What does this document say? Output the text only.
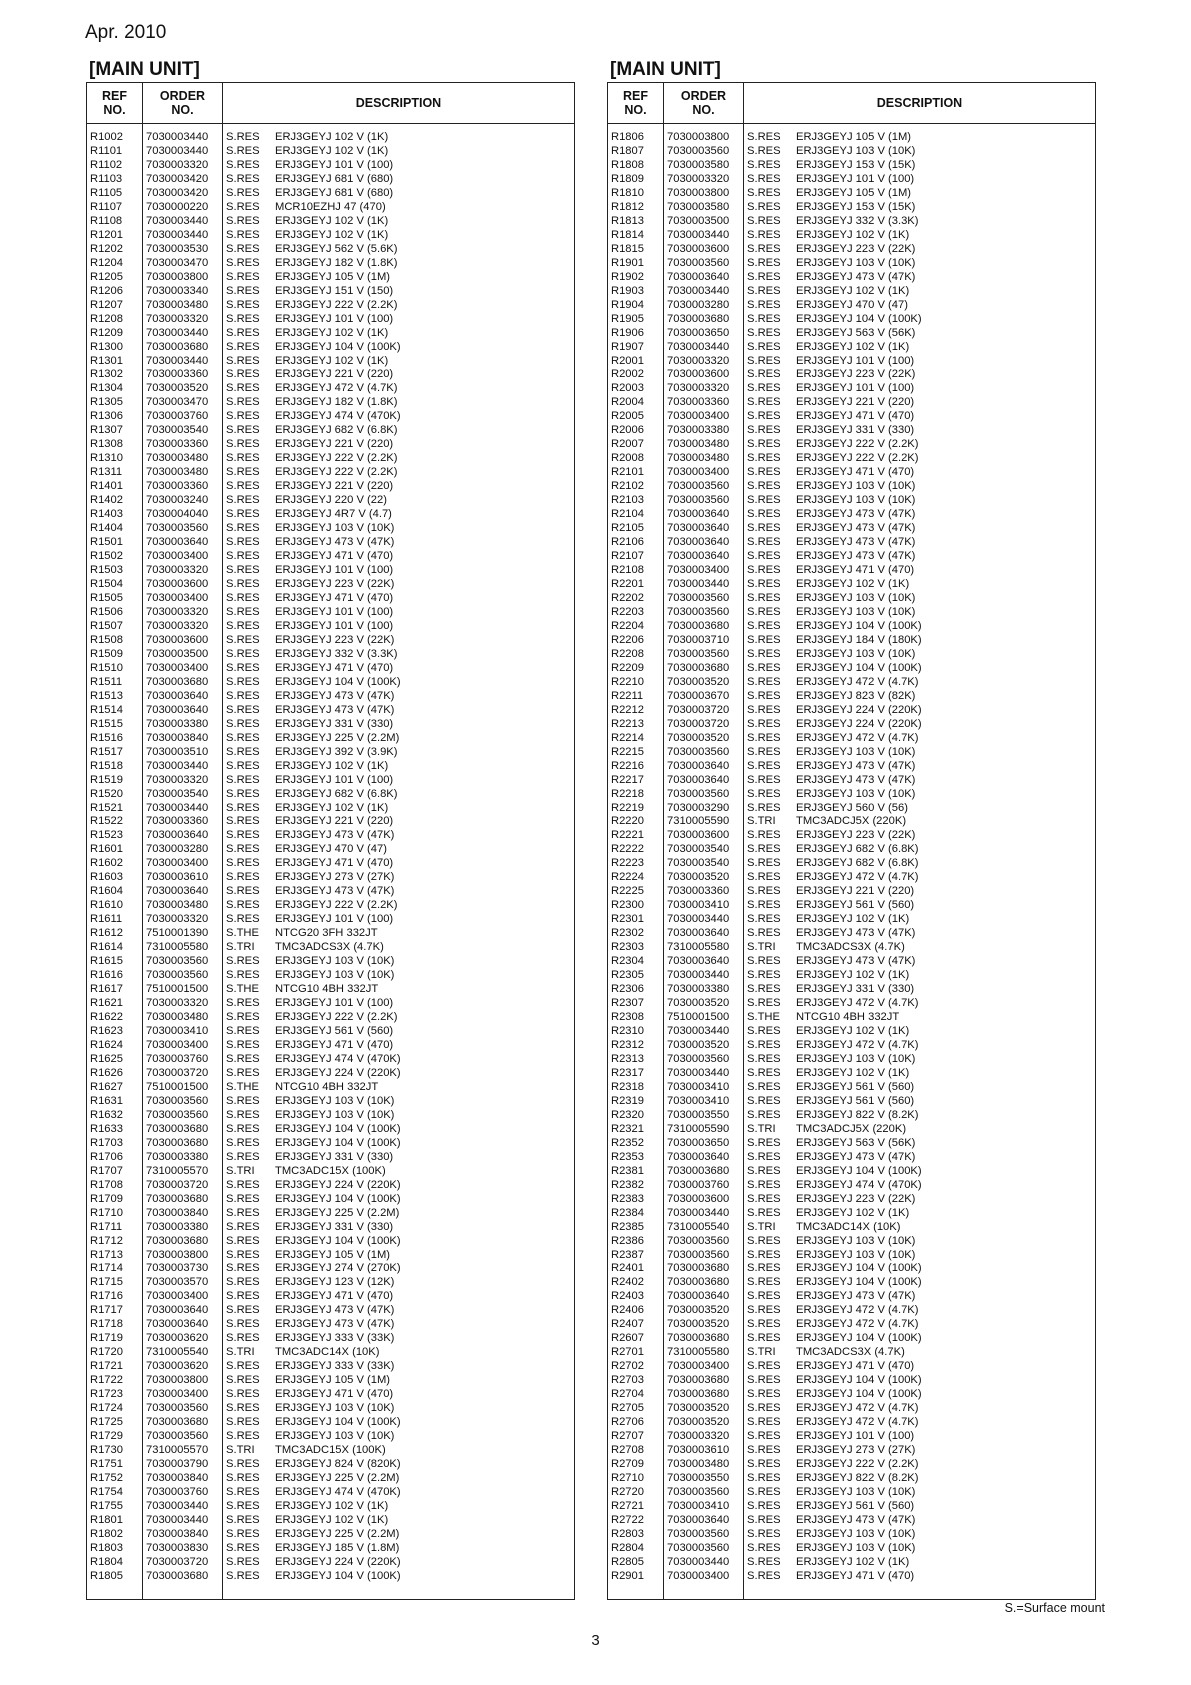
Apr. 2010
[MAIN UNIT]
REF
NO.
ORDER
NO.	DESCRIPTION
R1002
R1101
R1102
R1103
R1105
R1107
R1108
R1201
R1202
R1204
R1205
R1206
R1207
R1208
R1209
R1300
R1301
R1302
R1304
R1305
R1306
R1307
R1308
R1310
R1311
R1401
R1402
R1403
R1404
R1501
R1502
R1503
R1504
R1505
R1506
R1507
R1508
R1509
R1510
R1511
R1513
R1514
R1515
R1516
R1517
R1518
R1519
R1520
R1521
R1522
R1523
R1601
R1602
R1603
R1604
R1610
R1611
R1612
R1614
R1615
R1616
R1617
R1621
R1622
R1623
R1624
R1625
R1626
R1627
R1631
R1632
R1633
R1703
R1706
R1707
R1708
R1709
R1710
R1711
R1712
R1713
R1714
R1715
R1716
R1717
R1718
R1719
R1720
R1721
R1722
R1723
R1724
R1725
R1729
R1730
R1751
R1752
R1754
R1755
R1801
R1802
R1803
R1804
R1805
7030003440
7030003440
7030003320
7030003420
7030003420
7030000220
7030003440
7030003440
7030003530
7030003470
7030003800
7030003340
7030003480
7030003320
7030003440
7030003680
7030003440
7030003360
7030003520
7030003470
7030003760
7030003540
7030003360
7030003480
7030003480
7030003360
7030003240
7030004040
7030003560
7030003640
7030003400
7030003320
7030003600
7030003400
7030003320
7030003320
7030003600
7030003500
7030003400
7030003680
7030003640
7030003640
7030003380
7030003840
7030003510
7030003440
7030003320
7030003540
7030003440
7030003360
7030003640
7030003280
7030003400
7030003610
7030003640
7030003480
7030003320
7510001390
7310005580
7030003560
7030003560
7510001500
7030003320
7030003480
7030003410
7030003400
7030003760
7030003720
7510001500
7030003560
7030003560
7030003680
7030003680
7030003380
7310005570
7030003720
7030003680
7030003840
7030003380
7030003680
7030003800
7030003730
7030003570
7030003400
7030003640
7030003640
7030003620
7310005540
7030003620
7030003800
7030003400
7030003560
7030003680
7030003560
7310005570
7030003790
7030003840
7030003760
7030003440
7030003440
7030003840
7030003830
7030003720
7030003680
S.RES
S.RES
S.RES
S.RES
S.RES
S.RES
S.RES
S.RES
S.RES
S.RES
S.RES
S.RES
S.RES
S.RES
S.RES
S.RES
S.RES
S.RES
S.RES
S.RES
S.RES
S.RES
S.RES
S.RES
S.RES
S.RES
S.RES
S.RES
S.RES
S.RES
S.RES
S.RES
S.RES
S.RES
S.RES
S.RES
S.RES
S.RES
S.RES
S.RES
S.RES
S.RES
S.RES
S.RES
S.RES
S.RES
S.RES
S.RES
S.RES
S.RES
S.RES
S.RES
S.RES
S.RES
S.RES
S.RES
S.RES
S.THE
S.TRI
S.RES
S.RES
S.THE
S.RES
S.RES
S.RES
S.RES
S.RES
S.RES
S.THE
S.RES
S.RES
S.RES
S.RES
S.RES
S.TRI
S.RES
S.RES
S.RES
S.RES
S.RES
S.RES
S.RES
S.RES
S.RES
S.RES
S.RES
S.RES
S.TRI
S.RES
S.RES
S.RES
S.RES
S.RES
S.RES
S.TRI
S.RES
S.RES
S.RES
S.RES
S.RES
S.RES
S.RES
S.RES
S.RES
ERJ3GEYJ 102 V (1K)
ERJ3GEYJ 102 V (1K)
ERJ3GEYJ 101 V (100)
ERJ3GEYJ 681 V (680)
ERJ3GEYJ 681 V (680)
MCR10EZHJ 47 (470)
ERJ3GEYJ 102 V (1K)
ERJ3GEYJ 102 V (1K)
ERJ3GEYJ 562 V (5.6K)
ERJ3GEYJ 182 V (1.8K)
ERJ3GEYJ 105 V (1M)
ERJ3GEYJ 151 V (150)
ERJ3GEYJ 222 V (2.2K)
ERJ3GEYJ 101 V (100)
ERJ3GEYJ 102 V (1K)
ERJ3GEYJ 104 V (100K)
ERJ3GEYJ 102 V (1K)
ERJ3GEYJ 221 V (220)
ERJ3GEYJ 472 V (4.7K)
ERJ3GEYJ 182 V (1.8K)
ERJ3GEYJ 474 V (470K)
ERJ3GEYJ 682 V (6.8K)
ERJ3GEYJ 221 V (220)
ERJ3GEYJ 222 V (2.2K)
ERJ3GEYJ 222 V (2.2K)
ERJ3GEYJ 221 V (220)
ERJ3GEYJ 220 V (22)
ERJ3GEYJ 4R7 V (4.7)
ERJ3GEYJ 103 V (10K)
ERJ3GEYJ 473 V (47K)
ERJ3GEYJ 471 V (470)
ERJ3GEYJ 101 V (100)
ERJ3GEYJ 223 V (22K)
ERJ3GEYJ 471 V (470)
ERJ3GEYJ 101 V (100)
ERJ3GEYJ 101 V (100)
ERJ3GEYJ 223 V (22K)
ERJ3GEYJ 332 V (3.3K)
ERJ3GEYJ 471 V (470)
ERJ3GEYJ 104 V (100K)
ERJ3GEYJ 473 V (47K)
ERJ3GEYJ 473 V (47K)
ERJ3GEYJ 331 V (330)
ERJ3GEYJ 225 V (2.2M)
ERJ3GEYJ 392 V (3.9K)
ERJ3GEYJ 102 V (1K)
ERJ3GEYJ 101 V (100)
ERJ3GEYJ 682 V (6.8K)
ERJ3GEYJ 102 V (1K)
ERJ3GEYJ 221 V (220)
ERJ3GEYJ 473 V (47K)
ERJ3GEYJ 470 V (47)
ERJ3GEYJ 471 V (470)
ERJ3GEYJ 273 V (27K)
ERJ3GEYJ 473 V (47K)
ERJ3GEYJ 222 V (2.2K)
ERJ3GEYJ 101 V (100)
NTCG20 3FH 332JT
TMC3ADCS3X (4.7K)
ERJ3GEYJ 103 V (10K)
ERJ3GEYJ 103 V (10K)
NTCG10 4BH 332JT
ERJ3GEYJ 101 V (100)
ERJ3GEYJ 222 V (2.2K)
ERJ3GEYJ 561 V (560)
ERJ3GEYJ 471 V (470)
ERJ3GEYJ 474 V (470K)
ERJ3GEYJ 224 V (220K)
NTCG10 4BH 332JT
ERJ3GEYJ 103 V (10K)
ERJ3GEYJ 103 V (10K)
ERJ3GEYJ 104 V (100K)
ERJ3GEYJ 104 V (100K)
ERJ3GEYJ 331 V (330)
TMC3ADC15X (100K)
ERJ3GEYJ 224 V (220K)
ERJ3GEYJ 104 V (100K)
ERJ3GEYJ 225 V (2.2M)
ERJ3GEYJ 331 V (330)
ERJ3GEYJ 104 V (100K)
ERJ3GEYJ 105 V (1M)
ERJ3GEYJ 274 V (270K)
ERJ3GEYJ 123 V (12K)
ERJ3GEYJ 471 V (470)
ERJ3GEYJ 473 V (47K)
ERJ3GEYJ 473 V (47K)
ERJ3GEYJ 333 V (33K)
TMC3ADC14X (10K)
ERJ3GEYJ 333 V (33K)
ERJ3GEYJ 105 V (1M)
ERJ3GEYJ 471 V (470)
ERJ3GEYJ 103 V (10K)
ERJ3GEYJ 104 V (100K)
ERJ3GEYJ 103 V (10K)
TMC3ADC15X (100K)
ERJ3GEYJ 824 V (820K)
ERJ3GEYJ 225 V (2.2M)
ERJ3GEYJ 474 V (470K)
ERJ3GEYJ 102 V (1K)
ERJ3GEYJ 102 V (1K)
ERJ3GEYJ 225 V (2.2M)
ERJ3GEYJ 185 V (1.8M)
ERJ3GEYJ 224 V (220K)
ERJ3GEYJ 104 V (100K)
[MAIN UNIT]
REF
NO.
ORDER
NO.	DESCRIPTION
R1806
R1807
R1808
R1809
R1810
R1812
R1813
R1814
R1815
R1901
R1902
R1903
R1904
R1905
R1906
R1907
R2001
R2002
R2003
R2004
R2005
R2006
R2007
R2008
R2101
R2102
R2103
R2104
R2105
R2106
R2107
R2108
R2201
R2202
R2203
R2204
R2206
R2208
R2209
R2210
R2211
R2212
R2213
R2214
R2215
R2216
R2217
R2218
R2219
R2220
R2221
R2222
R2223
R2224
R2225
R2300
R2301
R2302
R2303
R2304
R2305
R2306
R2307
R2308
R2310
R2312
R2313
R2317
R2318
R2319
R2320
R2321
R2352
R2353
R2381
R2382
R2383
R2384
R2385
R2386
R2387
R2401
R2402
R2403
R2406
R2407
R2607
R2701
R2702
R2703
R2704
R2705
R2706
R2707
R2708
R2709
R2710
R2720
R2721
R2722
R2803
R2804
R2805
R2901
7030003800
7030003560
7030003580
7030003320
7030003800
7030003580
7030003500
7030003440
7030003600
7030003560
7030003640
7030003440
7030003280
7030003680
7030003650
7030003440
7030003320
7030003600
7030003320
7030003360
7030003400
7030003380
7030003480
7030003480
7030003400
7030003560
7030003560
7030003640
7030003640
7030003640
7030003640
7030003400
7030003440
7030003560
7030003560
7030003680
7030003710
7030003560
7030003680
7030003520
7030003670
7030003720
7030003720
7030003520
7030003560
7030003640
7030003640
7030003560
7030003290
7310005590
7030003600
7030003540
7030003540
7030003520
7030003360
7030003410
7030003440
7030003640
7310005580
7030003640
7030003440
7030003380
7030003520
7510001500
7030003440
7030003520
7030003560
7030003440
7030003410
7030003410
7030003550
7310005590
7030003650
7030003640
7030003680
7030003760
7030003600
7030003440
7310005540
7030003560
7030003560
7030003680
7030003680
7030003640
7030003520
7030003520
7030003680
7310005580
7030003400
7030003680
7030003680
7030003520
7030003520
7030003320
7030003610
7030003480
7030003550
7030003560
7030003410
7030003640
7030003560
7030003560
7030003440
7030003400
S.RES
S.RES
S.RES
S.RES
S.RES
S.RES
S.RES
S.RES
S.RES
S.RES
S.RES
S.RES
S.RES
S.RES
S.RES
S.RES
S.RES
S.RES
S.RES
S.RES
S.RES
S.RES
S.RES
S.RES
S.RES
S.RES
S.RES
S.RES
S.RES
S.RES
S.RES
S.RES
S.RES
S.RES
S.RES
S.RES
S.RES
S.RES
S.RES
S.RES
S.RES
S.RES
S.RES
S.RES
S.RES
S.RES
S.RES
S.RES
S.RES
S.TRI
S.RES
S.RES
S.RES
S.RES
S.RES
S.RES
S.RES
S.RES
S.TRI
S.RES
S.RES
S.RES
S.RES
S.THE
S.RES
S.RES
S.RES
S.RES
S.RES
S.RES
S.RES
S.TRI
S.RES
S.RES
S.RES
S.RES
S.RES
S.RES
S.TRI
S.RES
S.RES
S.RES
S.RES
S.RES
S.RES
S.RES
S.RES
S.TRI
S.RES
S.RES
S.RES
S.RES
S.RES
S.RES
S.RES
S.RES
S.RES
S.RES
S.RES
S.RES
S.RES
S.RES
S.RES
S.RES
ERJ3GEYJ 105 V (1M)
ERJ3GEYJ 103 V (10K)
ERJ3GEYJ 153 V (15K)
ERJ3GEYJ 101 V (100)
ERJ3GEYJ 105 V (1M)
ERJ3GEYJ 153 V (15K)
ERJ3GEYJ 332 V (3.3K)
ERJ3GEYJ 102 V (1K)
ERJ3GEYJ 223 V (22K)
ERJ3GEYJ 103 V (10K)
ERJ3GEYJ 473 V (47K)
ERJ3GEYJ 102 V (1K)
ERJ3GEYJ 470 V (47)
ERJ3GEYJ 104 V (100K)
ERJ3GEYJ 563 V (56K)
ERJ3GEYJ 102 V (1K)
ERJ3GEYJ 101 V (100)
ERJ3GEYJ 223 V (22K)
ERJ3GEYJ 101 V (100)
ERJ3GEYJ 221 V (220)
ERJ3GEYJ 471 V (470)
ERJ3GEYJ 331 V (330)
ERJ3GEYJ 222 V (2.2K)
ERJ3GEYJ 222 V (2.2K)
ERJ3GEYJ 471 V (470)
ERJ3GEYJ 103 V (10K)
ERJ3GEYJ 103 V (10K)
ERJ3GEYJ 473 V (47K)
ERJ3GEYJ 473 V (47K)
ERJ3GEYJ 473 V (47K)
ERJ3GEYJ 473 V (47K)
ERJ3GEYJ 471 V (470)
ERJ3GEYJ 102 V (1K)
ERJ3GEYJ 103 V (10K)
ERJ3GEYJ 103 V (10K)
ERJ3GEYJ 104 V (100K)
ERJ3GEYJ 184 V (180K)
ERJ3GEYJ 103 V (10K)
ERJ3GEYJ 104 V (100K)
ERJ3GEYJ 472 V (4.7K)
ERJ3GEYJ 823 V (82K)
ERJ3GEYJ 224 V (220K)
ERJ3GEYJ 224 V (220K)
ERJ3GEYJ 472 V (4.7K)
ERJ3GEYJ 103 V (10K)
ERJ3GEYJ 473 V (47K)
ERJ3GEYJ 473 V (47K)
ERJ3GEYJ 103 V (10K)
ERJ3GEYJ 560 V (56)
TMC3ADCJ5X (220K)
ERJ3GEYJ 223 V (22K)
ERJ3GEYJ 682 V (6.8K)
ERJ3GEYJ 682 V (6.8K)
ERJ3GEYJ 472 V (4.7K)
ERJ3GEYJ 221 V (220)
ERJ3GEYJ 561 V (560)
ERJ3GEYJ 102 V (1K)
ERJ3GEYJ 473 V (47K)
TMC3ADCS3X (4.7K)
ERJ3GEYJ 473 V (47K)
ERJ3GEYJ 102 V (1K)
ERJ3GEYJ 331 V (330)
ERJ3GEYJ 472 V (4.7K)
NTCG10 4BH 332JT
ERJ3GEYJ 102 V (1K)
ERJ3GEYJ 472 V (4.7K)
ERJ3GEYJ 103 V (10K)
ERJ3GEYJ 102 V (1K)
ERJ3GEYJ 561 V (560)
ERJ3GEYJ 561 V (560)
ERJ3GEYJ 822 V (8.2K)
TMC3ADCJ5X (220K)
ERJ3GEYJ 563 V (56K)
ERJ3GEYJ 473 V (47K)
ERJ3GEYJ 104 V (100K)
ERJ3GEYJ 474 V (470K)
ERJ3GEYJ 223 V (22K)
ERJ3GEYJ 102 V (1K)
TMC3ADC14X (10K)
ERJ3GEYJ 103 V (10K)
ERJ3GEYJ 103 V (10K)
ERJ3GEYJ 104 V (100K)
ERJ3GEYJ 104 V (100K)
ERJ3GEYJ 473 V (47K)
ERJ3GEYJ 472 V (4.7K)
ERJ3GEYJ 472 V (4.7K)
ERJ3GEYJ 104 V (100K)
TMC3ADCS3X (4.7K)
ERJ3GEYJ 471 V (470)
ERJ3GEYJ 104 V (100K)
ERJ3GEYJ 104 V (100K)
ERJ3GEYJ 472 V (4.7K)
ERJ3GEYJ 472 V (4.7K)
ERJ3GEYJ 101 V (100)
ERJ3GEYJ 273 V (27K)
ERJ3GEYJ 222 V (2.2K)
ERJ3GEYJ 822 V (8.2K)
ERJ3GEYJ 103 V (10K)
ERJ3GEYJ 561 V (560)
ERJ3GEYJ 473 V (47K)
ERJ3GEYJ 103 V (10K)
ERJ3GEYJ 103 V (10K)
ERJ3GEYJ 102 V (1K)
ERJ3GEYJ 471 V (470)
S.=Surface mount
3
